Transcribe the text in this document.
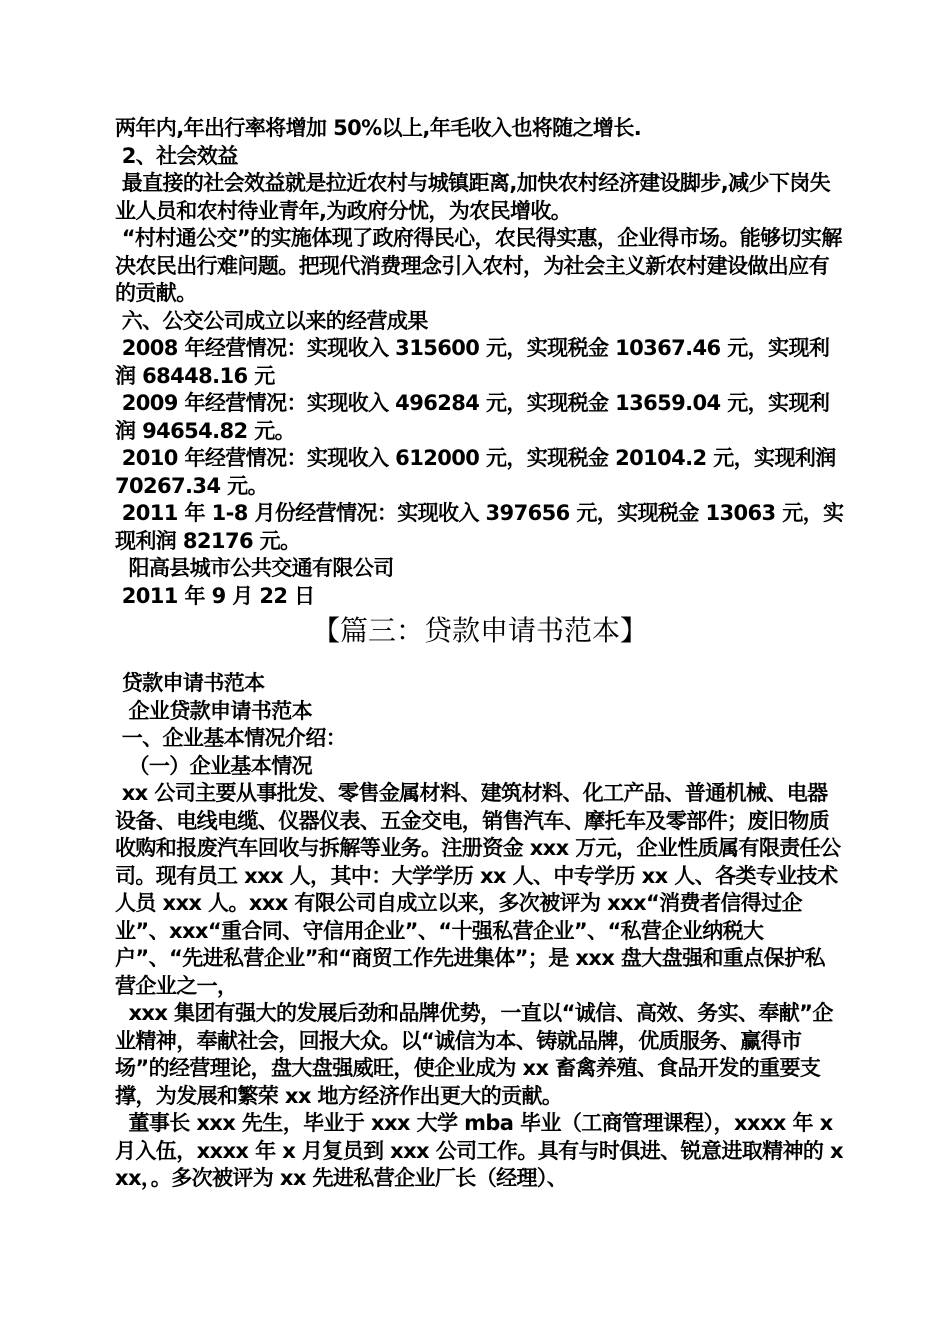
两年内,年出行率将增加 50%以上,年毛收入也将随之增长.

2、社会效益

最直接的社会效益就是拉近农村与城镇距离,加快农村经济建设脚步,减少下岗失业人员和农村待业青年,为政府分忧，为农民增收。

“村村通公交”的实施体现了政府得民心，农民得实惠，企业得市场。能够切实解决农民出行难问题。把现代消费理念引入农村，为社会主义新农村建设做出应有的贡献。

六、公交公司成立以来的经营成果

2008 年经营情况：实现收入 315600 元，实现税金 10367.46 元，实现利润 68448.16 元

2009 年经营情况：实现收入 496284 元，实现税金 13659.04 元，实现利润 94654.82 元。

2010 年经营情况：实现收入 612000 元，实现税金 20104.2 元，实现利润 70267.34 元。

2011 年 1-8 月份经营情况：实现收入 397656 元，实现税金 13063 元，实现利润 82176 元。

阳高县城市公共交通有限公司

2011 年 9 月 22 日

【篇三：贷款申请书范本】

贷款申请书范本

企业贷款申请书范本

一、企业基本情况介绍：

（一）企业基本情况

xx 公司主要从事批发、零售金属材料、建筑材料、化工产品、普通机械、电器设备、电线电缆、仪器仪表、五金交电，销售汽车、摩托车及零部件；废旧物质收购和报废汽车回收与拆解等业务。注册资金 xxx 万元，企业性质属有限责任公司。现有员工 xxx 人，其中：大学学历 xx 人、中专学历 xx 人、各类专业技术人员 xxx 人。xxx 有限公司自成立以来，多次被评为 xxx“消费者信得过企业”、xxx“重合同、守信用企业”、“十强私营企业”、“私营企业纳税大户”、“先进私营企业”和“商贸工作先进集体”；是 xxx 盘大盘强和重点保护私营企业之一，

xxx 集团有强大的发展后劲和品牌优势，一直以“诚信、高效、务实、奉献”企业精神，奉献社会，回报大众。以“诚信为本、铸就品牌，优质服务、赢得市场”的经营理论，盘大盘强威旺，使企业成为 xx 畜禽养殖、食品开发的重要支撑，为发展和繁荣 xx 地方经济作出更大的贡献。

董事长 xxx 先生，毕业于 xxx 大学 mba 毕业（工商管理课程），xxxx 年 x 月入伍，xxxx 年 x 月复员到 xxx 公司工作。具有与时俱进、锐意进取精神的 xxx，。多次被评为 xx 先进私营企业厂长（经理）、
